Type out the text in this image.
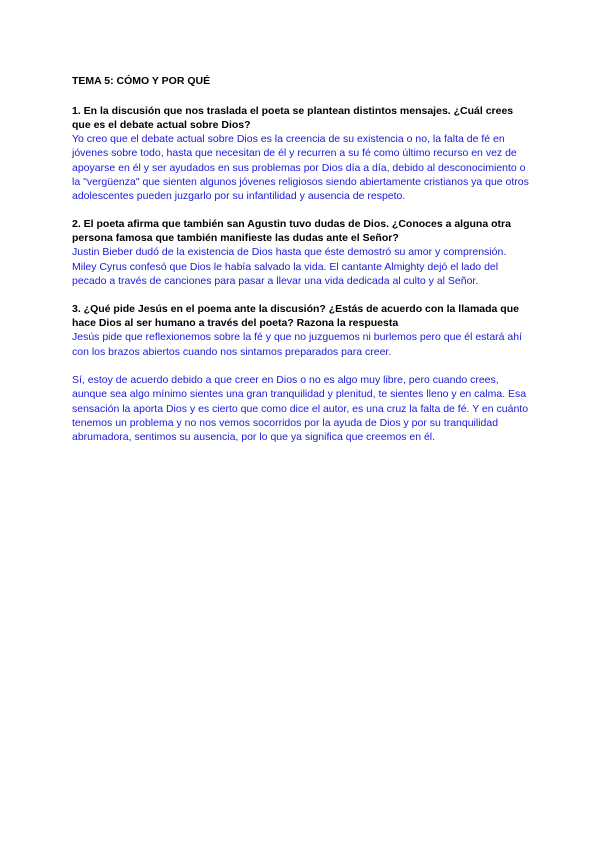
TEMA 5: CÓMO Y POR QUÉ

1. En la discusión que nos traslada el poeta se plantean distintos mensajes. ¿Cuál crees que es el debate actual sobre Dios?

Yo creo que el debate actual sobre Dios es la creencia de su existencia o no, la falta de fé en jóvenes sobre todo, hasta que necesitan de él y recurren a su fé como último recurso en vez de apoyarse en él y ser ayudados en sus problemas por Dios día a día, debido al desconocimiento o la "vergüenza" que sienten algunos jóvenes religiosos siendo abiertamente cristianos ya que otros adolescentes pueden juzgarlo por su infantilidad y ausencia de respeto.

2. El poeta afirma que también san Agustin tuvo dudas de Dios. ¿Conoces a alguna otra persona famosa que también manifieste las dudas ante el Señor?

Justin Bieber dudó de la existencia de Dios hasta que éste demostró su amor y comprensión. Miley Cyrus confesó que Dios le había salvado la vida. El cantante Almighty dejó el lado del pecado a través de canciones para pasar a llevar una vida dedicada al culto y al Señor.

3. ¿Qué pide Jesús en el poema ante la discusión? ¿Estás de acuerdo con la llamada que hace Dios al ser humano a través del poeta? Razona la respuesta

Jesús pide que reflexionemos sobre la fé y que no juzguemos ni burlemos pero que él estará ahí con los brazos abiertos cuando nos sintamos preparados para creer.

Sí, estoy de acuerdo debido a que creer en Dios o no es algo muy libre, pero cuando crees, aunque sea algo mínimo sientes una gran tranquilidad y plenitud, te sientes lleno y en calma. Esa sensación la aporta Dios y es cierto que como dice el autor, es una cruz la falta de fé. Y en cuánto tenemos un problema y no nos vemos socorridos por la ayuda de Dios y por su tranquilidad abrumadora, sentimos su ausencia, por lo que ya significa que creemos en él.
